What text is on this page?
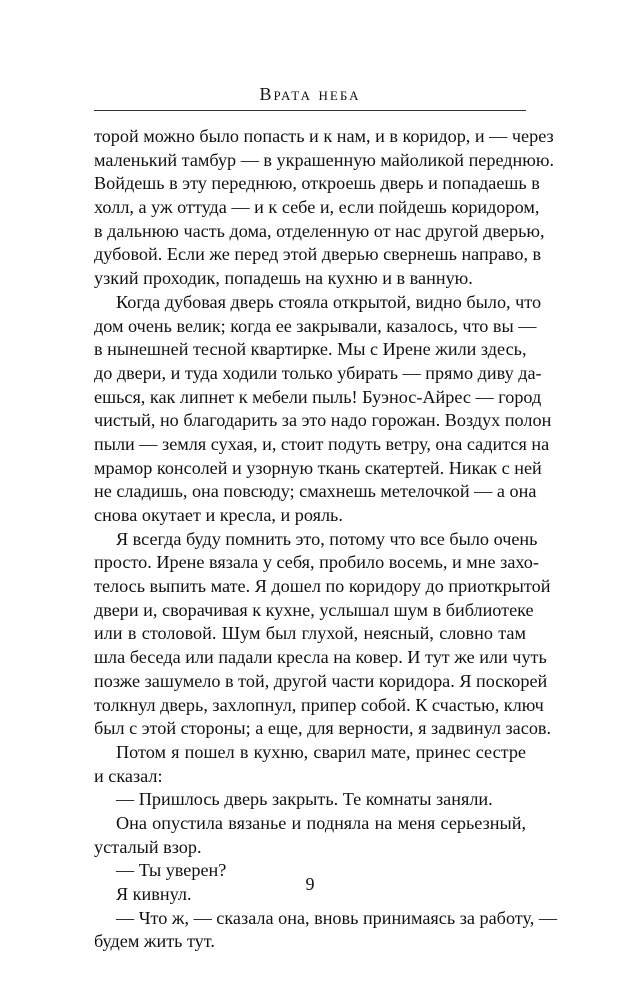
Врата неба
торой можно было попасть и к нам, и в коридор, и — через
маленький тамбур — в украшенную майоликой переднюю.
Войдешь в эту переднюю, откроешь дверь и попадаешь в
холл, а уж оттуда — и к себе и, если пойдешь коридором,
в дальнюю часть дома, отделенную от нас другой дверью,
дубовой. Если же перед этой дверью свернешь направо, в
узкий проходик, попадешь на кухню и в ванную.
Когда дубовая дверь стояла открытой, видно было, что
дом очень велик; когда ее закрывали, казалось, что вы —
в нынешней тесной квартирке. Мы с Ирене жили здесь,
до двери, и туда ходили только убирать — прямо диву да-
ешься, как липнет к мебели пыль! Буэнос-Айрес — город
чистый, но благодарить за это надо горожан. Воздух полон
пыли — земля сухая, и, стоит подуть ветру, она садится на
мрамор консолей и узорную ткань скатертей. Никак с ней
не сладишь, она повсюду; смахнешь метелочкой — а она
снова окутает и кресла, и рояль.
Я всегда буду помнить это, потому что все было очень
просто. Ирене вязала у себя, пробило восемь, и мне захо-
телось выпить мате. Я дошел по коридору до приоткрытой
двери и, сворачивая к кухне, услышал шум в библиотеке
или в столовой. Шум был глухой, неясный, словно там
шла беседа или падали кресла на ковер. И тут же или чуть
позже зашумело в той, другой части коридора. Я поскорей
толкнул дверь, захлопнул, припер собой. К счастью, ключ
был с этой стороны; а еще, для верности, я задвинул засов.
Потом я пошел в кухню, сварил мате, принес сестре
и сказал:
— Пришлось дверь закрыть. Те комнаты заняли.
Она опустила вязанье и подняла на меня серьезный,
усталый взор.
— Ты уверен?
Я кивнул.
— Что ж, — сказала она, вновь принимаясь за работу, —
будем жить тут.
9
